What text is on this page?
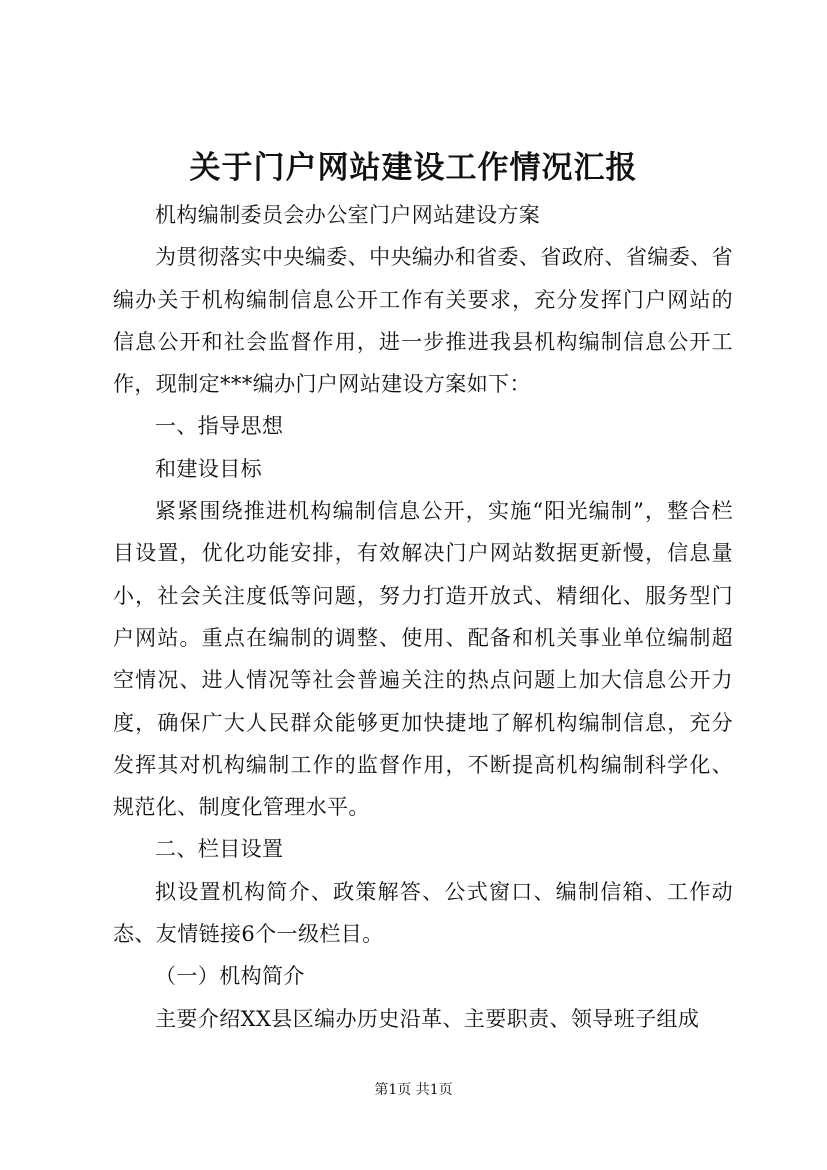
关于门户网站建设工作情况汇报

机构编制委员会办公室门户网站建设方案

为贯彻落实中央编委、中央编办和省委、省政府、省编委、省编办关于机构编制信息公开工作有关要求，充分发挥门户网站的信息公开和社会监督作用，进一步推进我县机构编制信息公开工作，现制定***编办门户网站建设方案如下：

一、指导思想

和建设目标

紧紧围绕推进机构编制信息公开，实施“阳光编制”，整合栏目设置，优化功能安排，有效解决门户网站数据更新慢，信息量小，社会关注度低等问题，努力打造开放式、精细化、服务型门户网站。重点在编制的调整、使用、配备和机关事业单位编制超空情况、进人情况等社会普遍关注的热点问题上加大信息公开力度，确保广大人民群众能够更加快捷地了解机构编制信息，充分发挥其对机构编制工作的监督作用，不断提高机构编制科学化、规范化、制度化管理水平。

二、栏目设置

拟设置机构简介、政策解答、公式窗口、编制信箱、工作动态、友情链接6个一级栏目。

（一）机构简介

主要介绍XX县区编办历史沿革、主要职责、领导班子组成

第1页 共1页
